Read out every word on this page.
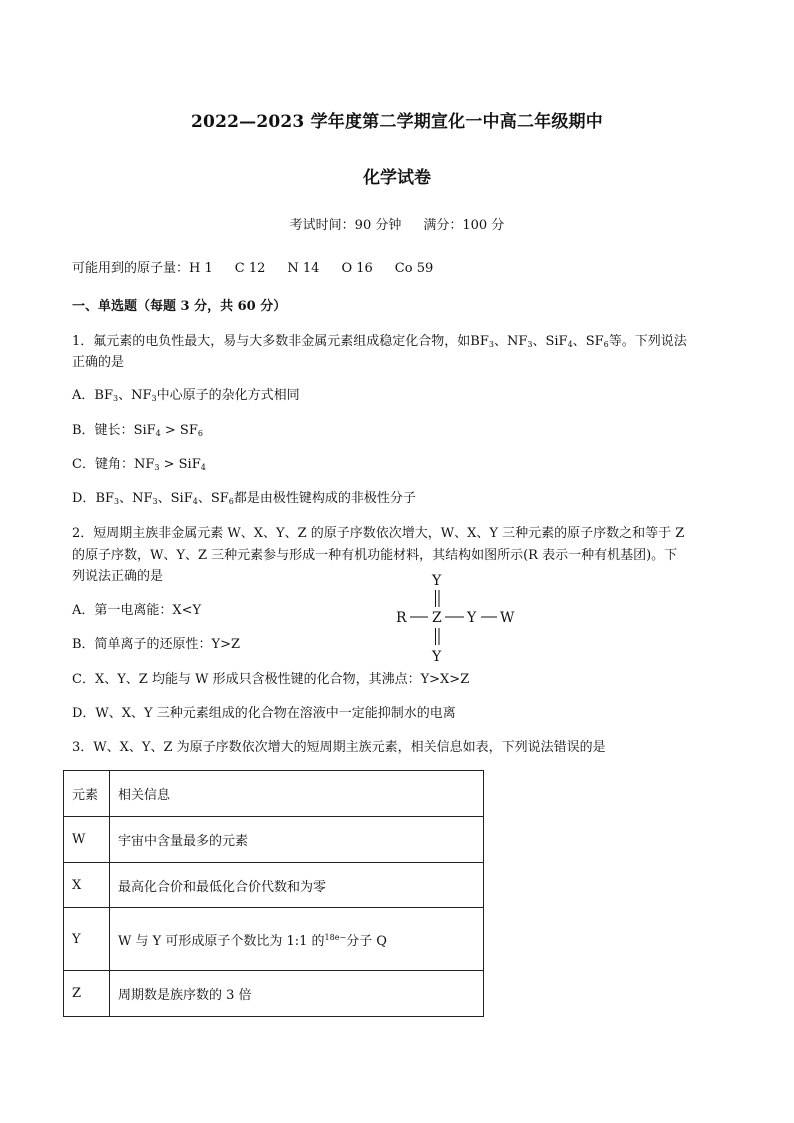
2022—2023 学年度第二学期宣化一中高二年级期中
化学试卷
考试时间：90 分钟 满分：100 分
可能用到的原子量：H 1 C 12 N 14 O 16 Co 59
一、单选题（每题 3 分，共 60 分）
1．氟元素的电负性最大，易与大多数非金属元素组成稳定化合物，如$BF_3$、$NF_3$、SiF$_4$、$SF_6$等。下列说法
正确的是
A．$BF_3$、$NF_3$中心原子的杂化方式相同
B．键长：$SiF_4 > SF_6$
C．键角：$NF_3 > SiF_4$
D．$BF_3$、$NF_3$、SiF$_4$、$SF_6$都是由极性键构成的非极性分子
2．短周期主族非金属元素 W、X、Y、Z 的原子序数依次增大，W、X、Y 三种元素的原子序数之和等于 Z
的原子序数，W、Y、Z 三种元素参与形成一种有机功能材料，其结构如图所示(R 表示一种有机基团)。下
列说法正确的是
A．第一电离能：X<Y
B．简单离子的还原性：Y>Z
C．X、Y、Z 均能与 W 形成只含极性键的化合物，其沸点：Y>X>Z
D．W、X、Y 三种元素组成的化合物在溶液中一定能抑制水的电离
Y
R Z Y W
Y
3．W、X、Y、Z 为原子序数依次增大的短周期主族元素，相关信息如表，下列说法错误的是
元素	相关信息
W	宇宙中含量最多的元素
X	最高化合价和最低化合价代数和为零
Y	W 与 Y 可形成原子个数比为 1:1 的$^{18e-}$分子 Q
Z	周期数是族序数的 3 倍
